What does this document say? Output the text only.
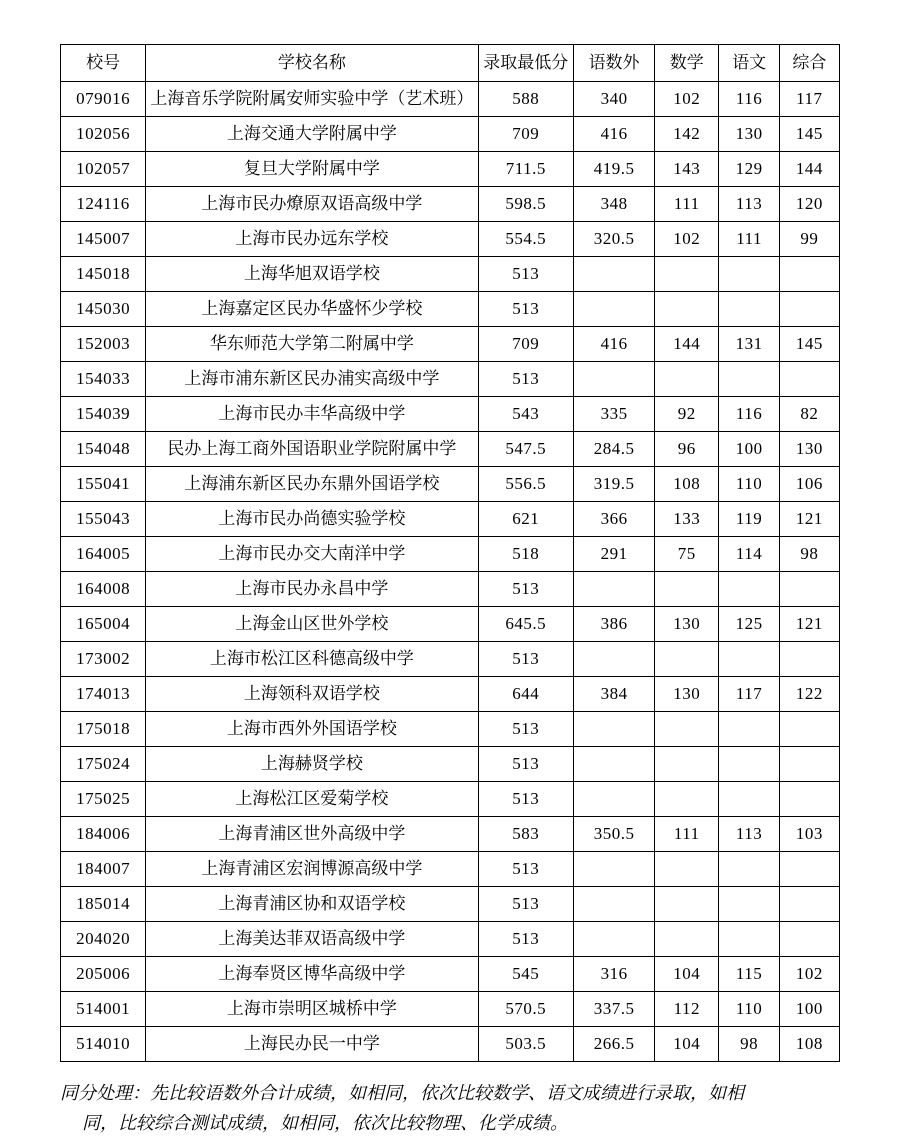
校号	学校名称	录取最低分	语数外	数学	语文	综合
079016	上海音乐学院附属安师实验中学（艺术班）	588	340	102	116	117
102056	上海交通大学附属中学	709	416	142	130	145
102057	复旦大学附属中学	711.5	419.5	143	129	144
124116	上海市民办燎原双语高级中学	598.5	348	111	113	120
145007	上海市民办远东学校	554.5	320.5	102	111	99
145018	上海华旭双语学校	513				
145030	上海嘉定区民办华盛怀少学校	513				
152003	华东师范大学第二附属中学	709	416	144	131	145
154033	上海市浦东新区民办浦实高级中学	513				
154039	上海市民办丰华高级中学	543	335	92	116	82
154048	民办上海工商外国语职业学院附属中学	547.5	284.5	96	100	130
155041	上海浦东新区民办东鼎外国语学校	556.5	319.5	108	110	106
155043	上海市民办尚德实验学校	621	366	133	119	121
164005	上海市民办交大南洋中学	518	291	75	114	98
164008	上海市民办永昌中学	513				
165004	上海金山区世外学校	645.5	386	130	125	121
173002	上海市松江区科德高级中学	513				
174013	上海领科双语学校	644	384	130	117	122
175018	上海市西外外国语学校	513				
175024	上海赫贤学校	513				
175025	上海松江区爱菊学校	513				
184006	上海青浦区世外高级中学	583	350.5	111	113	103
184007	上海青浦区宏润博源高级中学	513				
185014	上海青浦区协和双语学校	513				
204020	上海美达菲双语高级中学	513				
205006	上海奉贤区博华高级中学	545	316	104	115	102
514001	上海市崇明区城桥中学	570.5	337.5	112	110	100
514010	上海民办民一中学	503.5	266.5	104	98	108
同分处理：先比较语数外合计成绩，如相同，依次比较数学、语文成绩进行录取，如相
同，比较综合测试成绩，如相同，依次比较物理、化学成绩。
